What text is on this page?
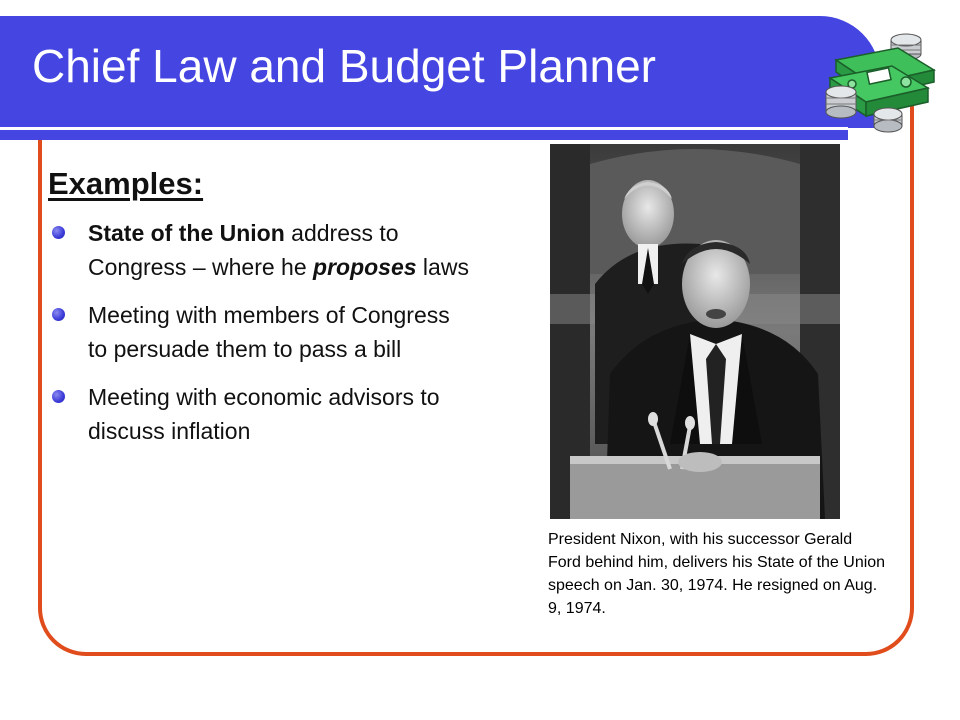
Chief Law and Budget Planner
Examples:
State of the Union address to Congress – where he proposes laws
Meeting with members of Congress to persuade them to pass a bill
Meeting with economic advisors to discuss inflation

President Nixon, with his successor Gerald Ford behind him, delivers his State of the Union speech on Jan. 30, 1974. He resigned on Aug. 9, 1974.
